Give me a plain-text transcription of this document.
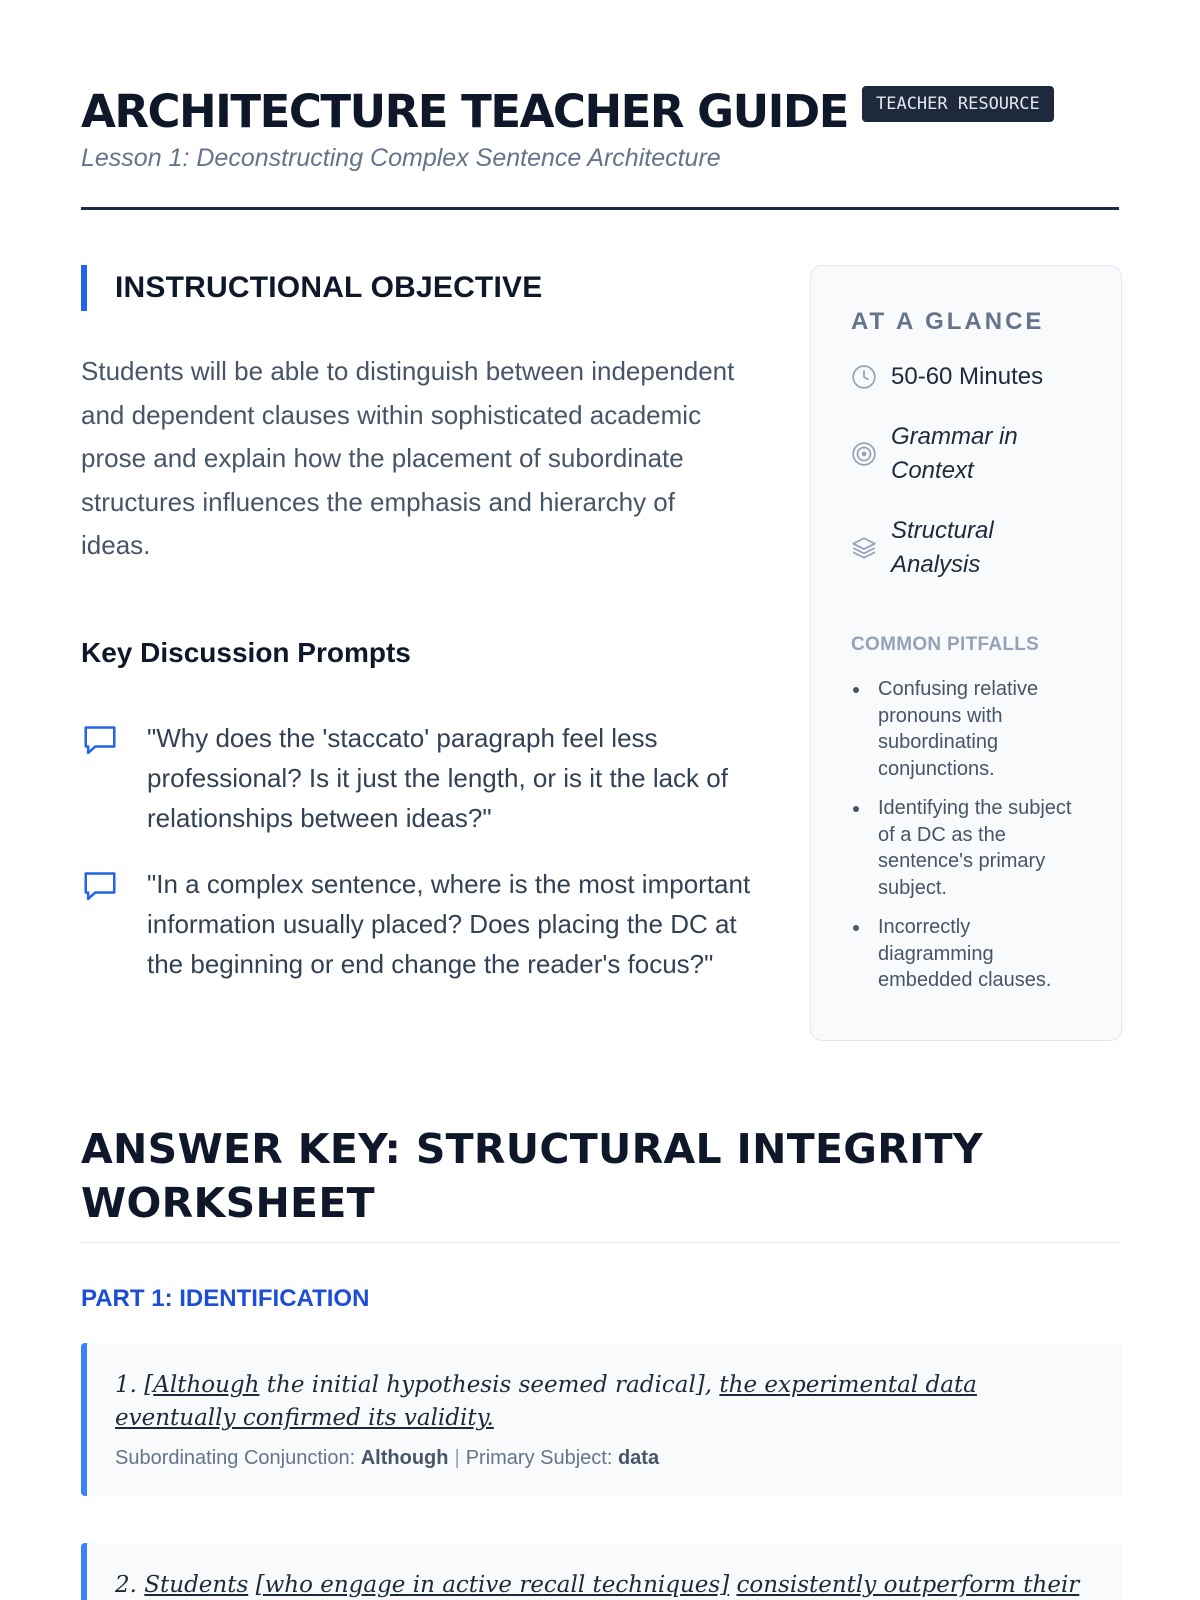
ARCHITECTURE TEACHER GUIDE	TEACHER RESOURCE
Lesson 1: Deconstructing Complex Sentence Architecture
INSTRUCTIONAL OBJECTIVE

Students will be able to distinguish between independent and dependent clauses within sophisticated academic prose and explain how the placement of subordinate structures influences the emphasis and hierarchy of ideas.

Key Discussion Prompts
"Why does the 'staccato' paragraph feel less professional? Is it just the length, or is it the lack of relationships between ideas?"
"In a complex sentence, where is the most important information usually placed? Does placing the DC at the beginning or end change the reader's focus?"
AT A GLANCE
50-60 Minutes
Grammar in Context
Structural Analysis
COMMON PITFALLS
Confusing relative pronouns with subordinating conjunctions.
Identifying the subject of a DC as the sentence's primary subject.
Incorrectly diagramming embedded clauses.
ANSWER KEY: STRUCTURAL INTEGRITY WORKSHEET
PART 1: IDENTIFICATION
1. [Although the initial hypothesis seemed radical], the experimental data eventually confirmed its validity.
Subordinating Conjunction: Although | Primary Subject: data
2. Students [who engage in active recall techniques] consistently outperform their
